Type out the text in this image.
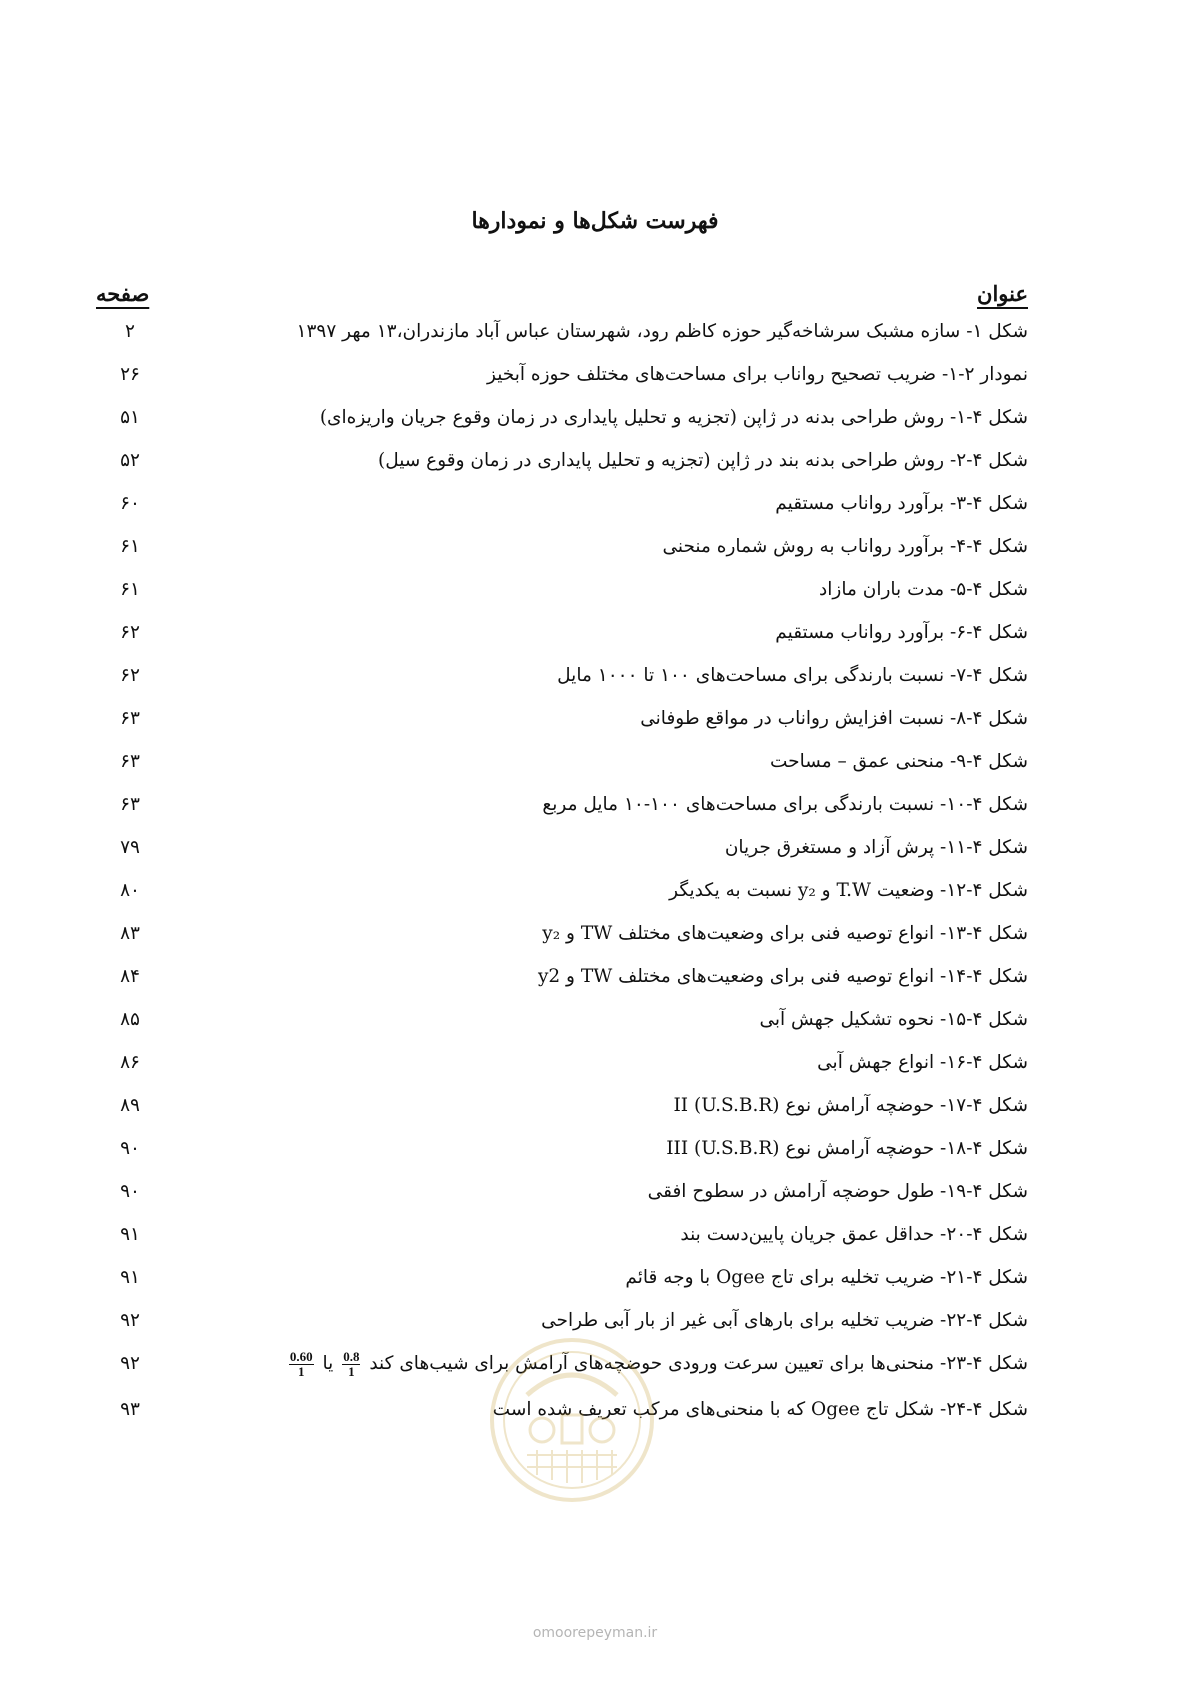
فهرست شکل‌ها و نمودارها
عنوان
صفحه
شکل ۱- سازه مشبک سرشاخه‌گیر حوزه کاظم رود، شهرستان عباس آباد مازندران،۱۳ مهر ۱۳۹۷
۲
نمودار ۲-۱- ضریب تصحیح رواناب برای مساحت‌های مختلف حوزه آبخیز
۲۶
شکل ۴-۱- روش طراحی بدنه در ژاپن (تجزیه و تحلیل پایداری در زمان وقوع جریان واریزه‌ای)
۵۱
شکل ۴-۲- روش طراحی بدنه بند در ژاپن (تجزیه و تحلیل پایداری در زمان وقوع سیل)
۵۲
شکل ۴-۳- برآورد رواناب مستقیم
۶۰
شکل ۴-۴- برآورد رواناب به روش شماره منحنی
۶۱
شکل ۴-۵- مدت باران مازاد
۶۱
شکل ۴-۶- برآورد رواناب مستقیم
۶۲
شکل ۴-۷- نسبت بارندگی برای مساحت‌های ۱۰۰ تا ۱۰۰۰ مایل
۶۲
شکل ۴-۸- نسبت افزایش رواناب در مواقع طوفانی
۶۳
شکل ۴-۹- منحنی عمق – مساحت
۶۳
شکل ۴-۱۰- نسبت بارندگی برای مساحت‌های ۱۰۰-۱۰ مایل مربع
۶۳
شکل ۴-۱۱- پرش آزاد و مستغرق جریان
۷۹
شکل ۴-۱۲- وضعیت T.W و y₂ نسبت به یکدیگر
۸۰
شکل ۴-۱۳- انواع توصیه فنی برای وضعیت‌های مختلف TW و y₂
۸۳
شکل ۴-۱۴- انواع توصیه فنی برای وضعیت‌های مختلف TW و y2
۸۴
شکل ۴-۱۵- نحوه تشکیل جهش آبی
۸۵
شکل ۴-۱۶- انواع جهش آبی
۸۶
شکل ۴-۱۷- حوضچه آرامش نوع II (U.S.B.R)
۸۹
شکل ۴-۱۸- حوضچه آرامش نوع III (U.S.B.R)
۹۰
شکل ۴-۱۹- طول حوضچه آرامش در سطوح افقی
۹۰
شکل ۴-۲۰- حداقل عمق جریان پایین‌دست بند
۹۱
شکل ۴-۲۱- ضریب تخلیه برای تاج Ogee با وجه قائم
۹۱
شکل ۴-۲۲- ضریب تخلیه برای بارهای آبی غیر از بار آبی طراحی
۹۲
شکل ۴-۲۳- منحنی‌ها برای تعیین سرعت ورودی حوضچه‌های آرامش برای شیب‌های کند
$\frac{0.8}{1}$
یا
$\frac{0.60}{1}$
۹۲
شکل ۴-۲۴- شکل تاج Ogee که با منحنی‌های مرکب تعریف شده است
۹۳
omoorepeyman.ir
